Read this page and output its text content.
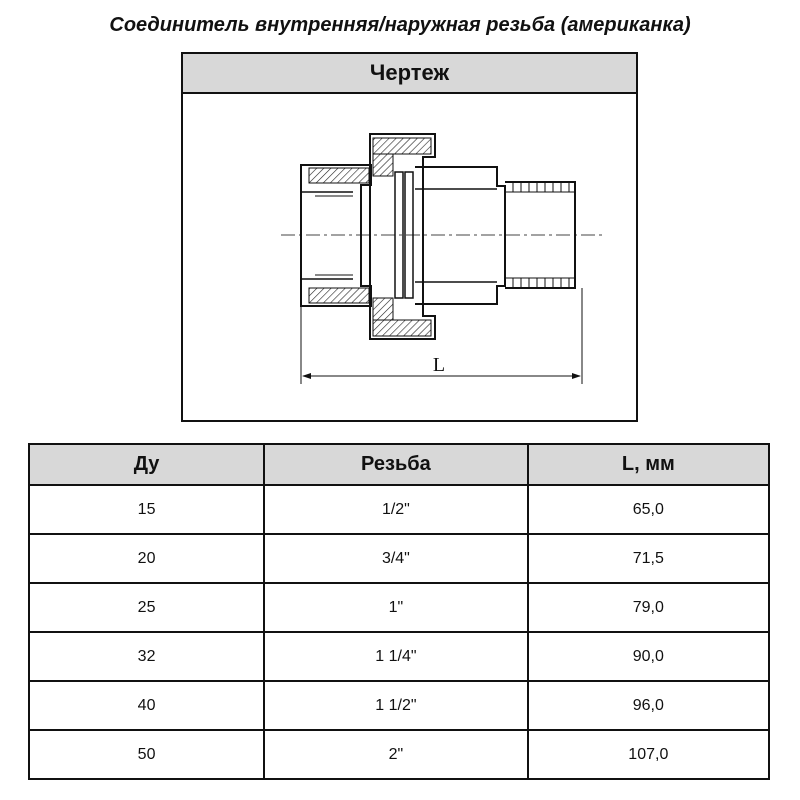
Соединитель внутренняя/наружная резьба (американка)
Чертеж
L
Ду	Резьба	L, мм
15	1/2"	65,0
20	3/4"	71,5
25	1"	79,0
32	1 1/4"	90,0
40	1 1/2"	96,0
50	2"	107,0
